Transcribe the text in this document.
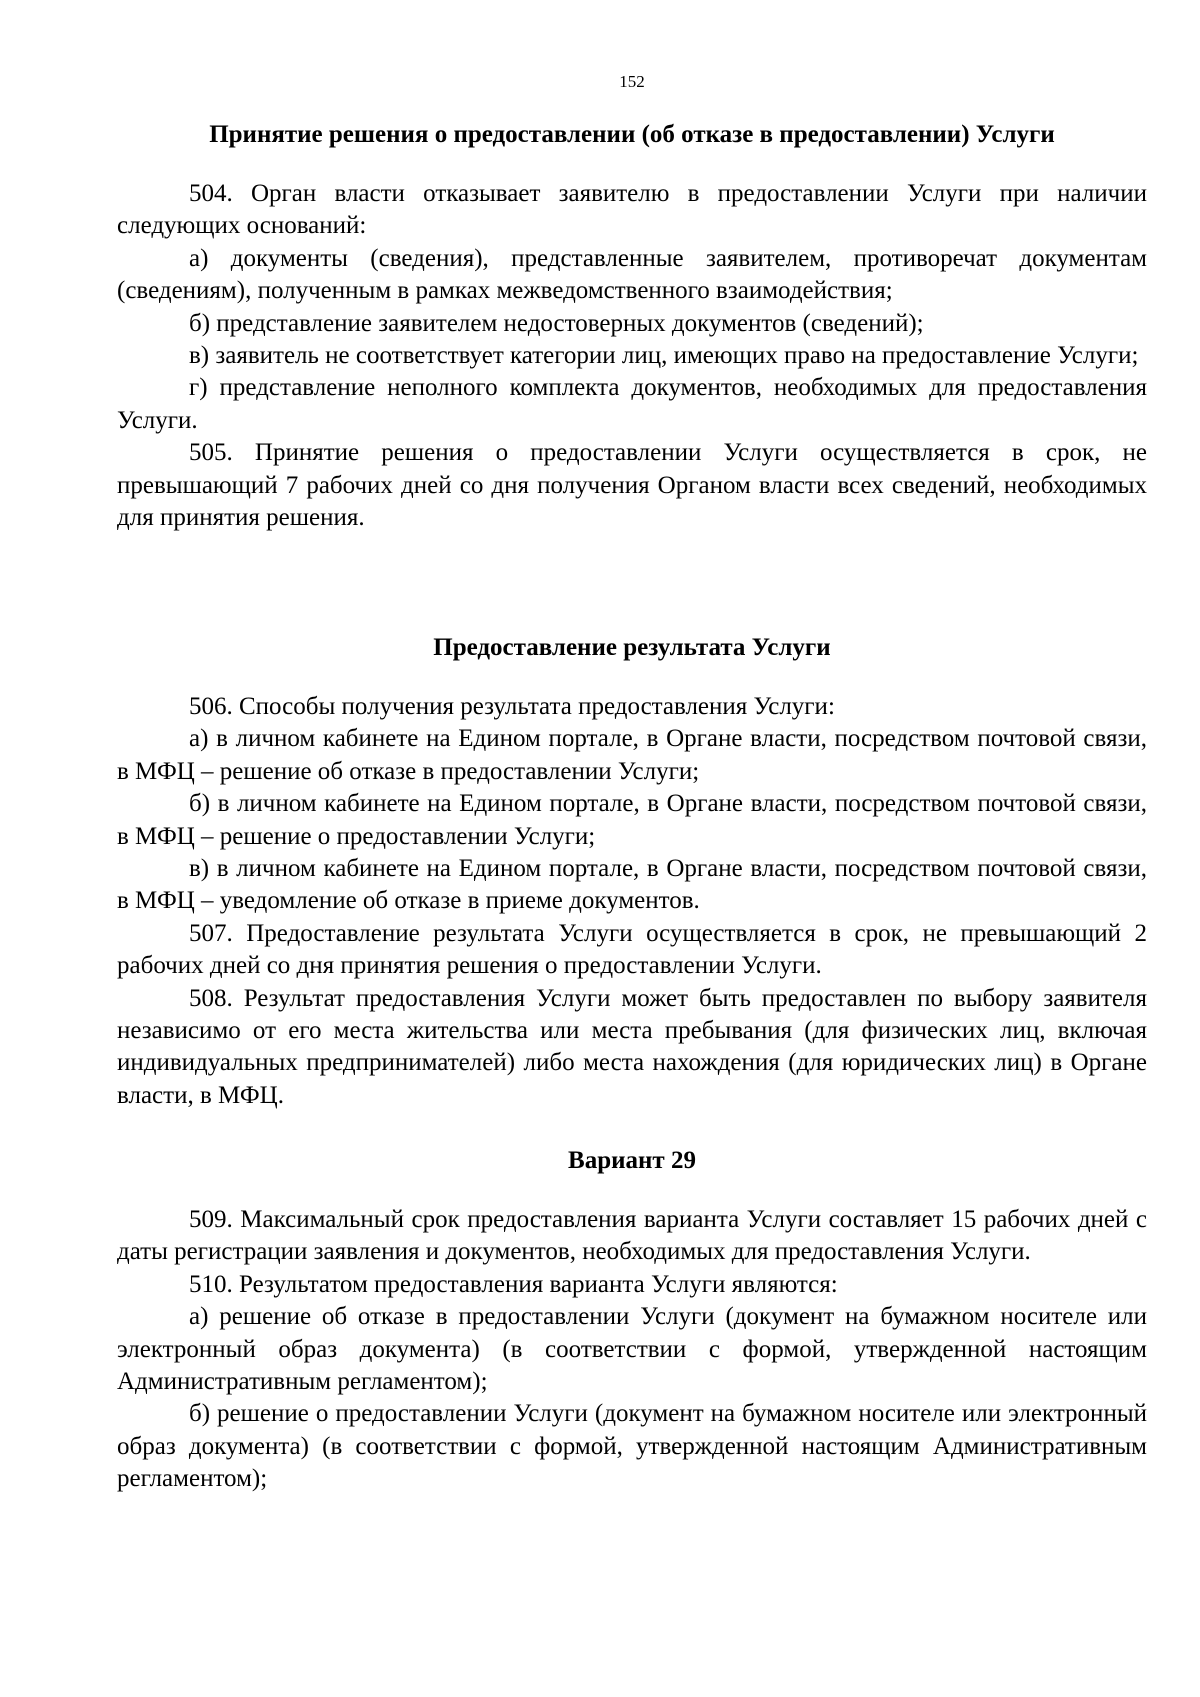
152
Принятие решения о предоставлении (об отказе в предоставлении) Услуги

504. Орган власти отказывает заявителю в предоставлении Услуги при наличии следующих оснований:

а) документы (сведения), представленные заявителем, противоречат документам (сведениям), полученным в рамках межведомственного взаимодействия;

б) представление заявителем недостоверных документов (сведений);

в) заявитель не соответствует категории лиц, имеющих право на предоставление Услуги;

г) представление неполного комплекта документов, необходимых для предоставления Услуги.

505. Принятие решения о предоставлении Услуги осуществляется в срок, не превышающий 7 рабочих дней со дня получения Органом власти всех сведений, необходимых для принятия решения.

Предоставление результата Услуги

506. Способы получения результата предоставления Услуги:

а) в личном кабинете на Едином портале, в Органе власти, посредством почтовой связи, в МФЦ – решение об отказе в предоставлении Услуги;

б) в личном кабинете на Едином портале, в Органе власти, посредством почтовой связи, в МФЦ – решение о предоставлении Услуги;

в) в личном кабинете на Едином портале, в Органе власти, посредством почтовой связи, в МФЦ – уведомление об отказе в приеме документов.

507. Предоставление результата Услуги осуществляется в срок, не превышающий 2 рабочих дней со дня принятия решения о предоставлении Услуги.

508. Результат предоставления Услуги может быть предоставлен по выбору заявителя независимо от его места жительства или места пребывания (для физических лиц, включая индивидуальных предпринимателей) либо места нахождения (для юридических лиц) в Органе власти, в МФЦ.

Вариант 29

509. Максимальный срок предоставления варианта Услуги составляет 15 рабочих дней с даты регистрации заявления и документов, необходимых для предоставления Услуги.

510. Результатом предоставления варианта Услуги являются:

а) решение об отказе в предоставлении Услуги (документ на бумажном носителе или электронный образ документа) (в соответствии с формой, утвержденной настоящим Административным регламентом);

б) решение о предоставлении Услуги (документ на бумажном носителе или электронный образ документа) (в соответствии с формой, утвержденной настоящим Административным регламентом);
